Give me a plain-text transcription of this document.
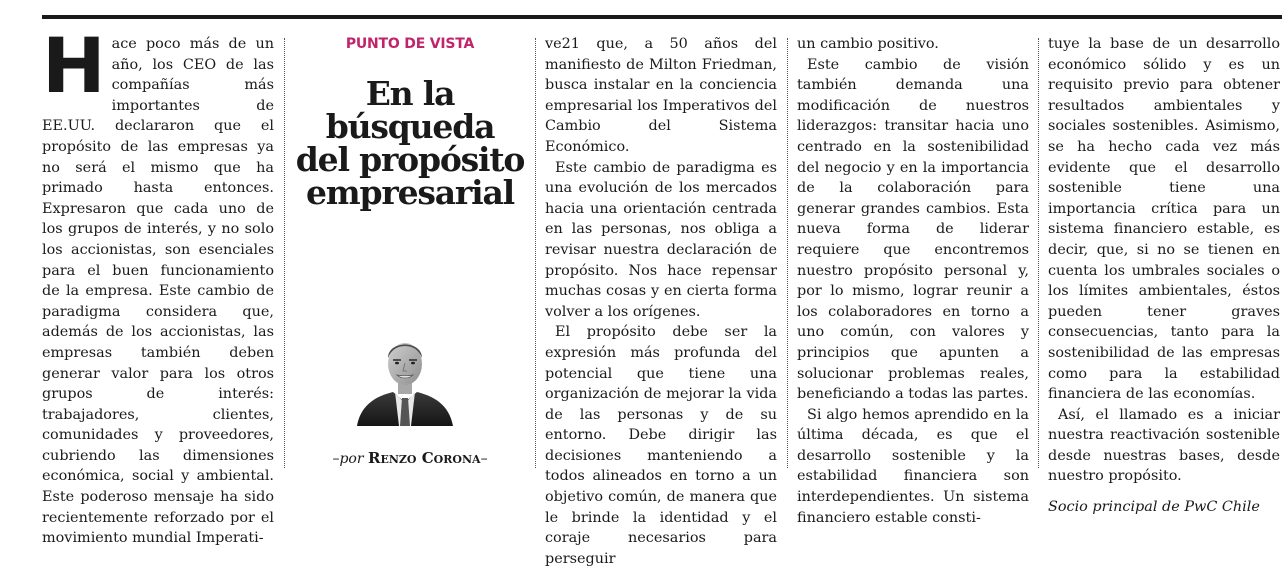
Hace poco más de un año, los CEO de las compañías más importantes de EE.UU. declararon que el propósito de las empresas ya no será el mismo que ha primado hasta entonces. Expresaron que cada uno de los grupos de interés, y no solo los accionistas, son esenciales para el buen funcionamiento de la empresa. Este cambio de paradigma considera que, además de los accionistas, las empresas también deben generar valor para los otros grupos de interés: trabajadores, clientes, comunidades y proveedores, cubriendo las dimensiones económica, social y ambiental. Este poderoso mensaje ha sido recientemente reforzado por el movimiento mundial Imperati-

PUNTO DE VISTA
En la búsqueda
del propósito
empresarial
–por Renzo Corona–

ve21 que, a 50 años del manifiesto de Milton Friedman, busca instalar en la conciencia empresarial los Imperativos del Cambio del Sistema Económico.

Este cambio de paradigma es una evolución de los mercados hacia una orientación centrada en las personas, nos obliga a revisar nuestra declaración de propósito. Nos hace repensar muchas cosas y en cierta forma volver a los orígenes.

El propósito debe ser la expresión más profunda del potencial que tiene una organización de mejorar la vida de las personas y de su entorno. Debe dirigir las decisiones manteniendo a todos alineados en torno a un objetivo común, de manera que le brinde la identidad y el coraje necesarios para perseguir

un cambio positivo.

Este cambio de visión también demanda una modificación de nuestros liderazgos: transitar hacia uno centrado en la sostenibilidad del negocio y en la importancia de la colaboración para generar grandes cambios. Esta nueva forma de liderar requiere que encontremos nuestro propósito personal y, por lo mismo, lograr reunir a los colaboradores en torno a uno común, con valores y principios que apunten a solucionar problemas reales, beneficiando a todas las partes.

Si algo hemos aprendido en la última década, es que el desarrollo sostenible y la estabilidad financiera son interdependientes. Un sistema financiero estable consti-

tuye la base de un desarrollo económico sólido y es un requisito previo para obtener resultados ambientales y sociales sostenibles. Asimismo, se ha hecho cada vez más evidente que el desarrollo sostenible tiene una importancia crítica para un sistema financiero estable, es decir, que, si no se tienen en cuenta los umbrales sociales o los límites ambientales, éstos pueden tener graves consecuencias, tanto para la sostenibilidad de las empresas como para la estabilidad financiera de las economías.

Así, el llamado es a iniciar nuestra reactivación sostenible desde nuestras bases, desde nuestro propósito.

Socio principal de PwC Chile
